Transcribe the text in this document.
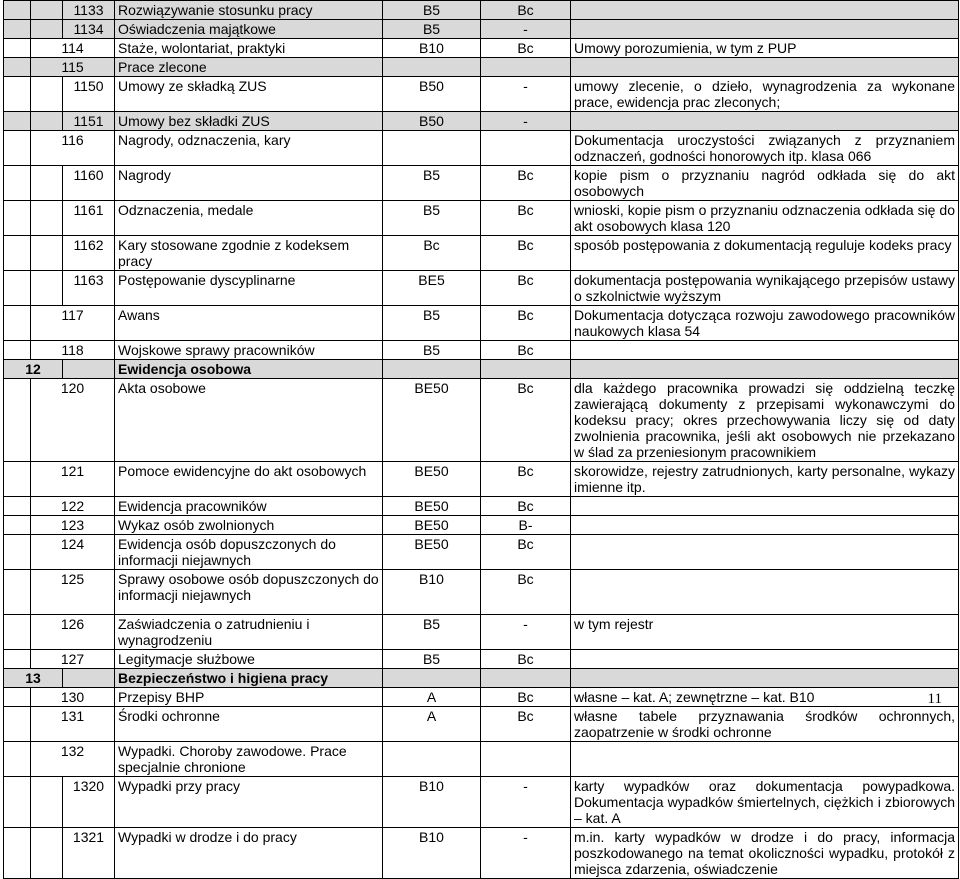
		1133	Rozwiązywanie stosunku pracy	B5	Bc	
		1134	Oświadczenia majątkowe	B5	-	
	114		Staże, wolontariat, praktyki	B10	Bc	Umowy porozumienia, w tym z PUP
	115		Prace zlecone			
		1150	Umowy ze składką ZUS	B50	-	umowy zlecenie, o dzieło, wynagrodzenia za wykonane prace, ewidencja prac zleconych;
		1151	Umowy bez składki ZUS	B50	-	
	116		Nagrody, odznaczenia, kary			Dokumentacja uroczystości związanych z przyznaniem odznaczeń, godności honorowych itp. klasa 066
		1160	Nagrody	B5	Bc	kopie pism o przyznaniu nagród odkłada się do akt osobowych
		1161	Odznaczenia, medale	B5	Bc	wnioski, kopie pism o przyznaniu odznaczenia odkłada się do akt osobowych klasa 120
		1162	Kary stosowane zgodnie z kodeksem pracy	Bc	Bc	sposób postępowania z dokumentacją reguluje kodeks pracy
		1163	Postępowanie dyscyplinarne	BE5	Bc	dokumentacja postępowania wynikającego przepisów ustawy o szkolnictwie wyższym
	117		Awans	B5	Bc	Dokumentacja dotycząca rozwoju zawodowego pracowników naukowych klasa 54
	118		Wojskowe sprawy pracowników	B5	Bc	
12			Ewidencja osobowa			
	120		Akta osobowe	BE50	Bc	dla każdego pracownika prowadzi się oddzielną teczkę zawierającą dokumenty z przepisami wykonawczymi do kodeksu pracy; okres przechowywania liczy się od daty zwolnienia pracownika, jeśli akt osobowych nie przekazano w ślad za przeniesionym pracownikiem
	121		Pomoce ewidencyjne do akt osobowych	BE50	Bc	skorowidze, rejestry zatrudnionych, karty personalne, wykazy imienne itp.
	122		Ewidencja pracowników	BE50	Bc	
	123		Wykaz osób zwolnionych	BE50	B-	
	124		Ewidencja osób dopuszczonych do informacji niejawnych	BE50	Bc	
	125		Sprawy osobowe osób dopuszczonych do informacji niejawnych	B10	Bc	
	126		Zaświadczenia o zatrudnieniu i wynagrodzeniu	B5	-	w tym rejestr
	127		Legitymacje służbowe	B5	Bc	
13			Bezpieczeństwo i higiena pracy			
	130		Przepisy BHP	A	Bc	własne – kat. A; zewnętrzne – kat. B10
	131		Środki ochronne	A	Bc	własne tabele przyznawania środków ochronnych, zaopatrzenie w środki ochronne
	132		Wypadki. Choroby zawodowe. Prace specjalnie chronione			
		1320	Wypadki przy pracy	B10	-	karty wypadków oraz dokumentacja powypadkowa. Dokumentacja wypadków śmiertelnych, ciężkich i zbiorowych – kat. A
		1321	Wypadki w drodze i do pracy	B10	-	m.in. karty wypadków w drodze i do pracy, informacja poszkodowanego na temat okoliczności wypadku, protokół z miejsca zdarzenia, oświadczenie
11
